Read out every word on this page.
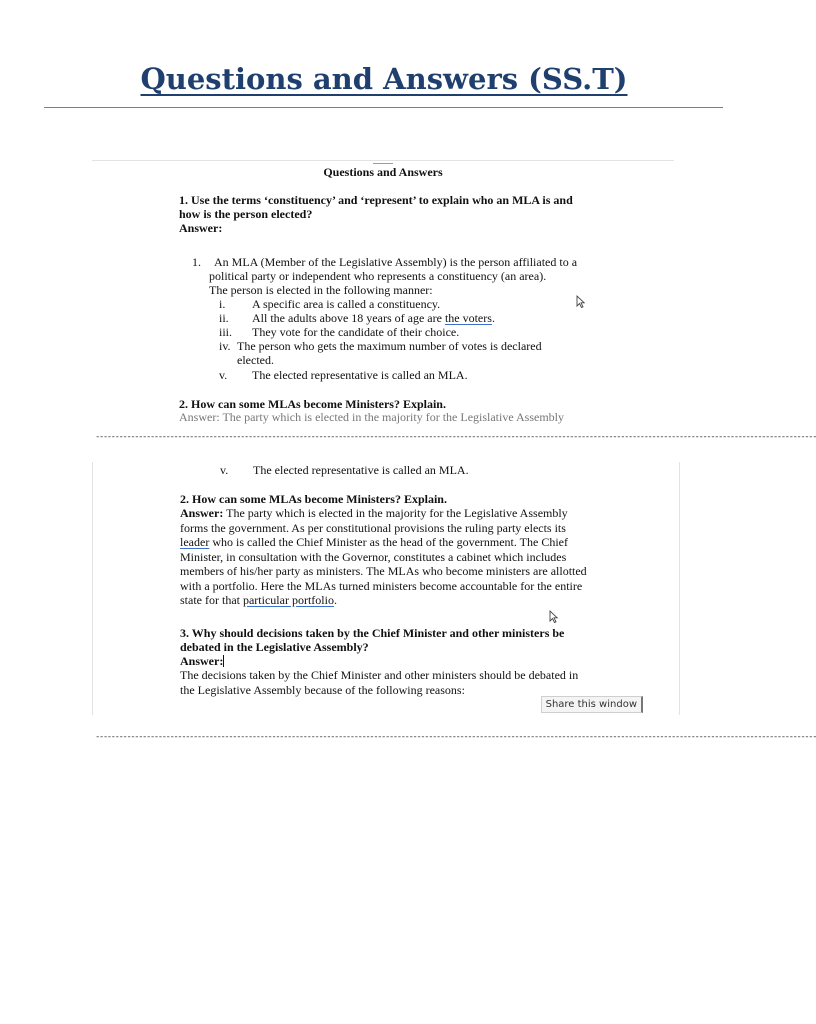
Questions and Answers (SS.T)
Questions and Answers
1. Use the terms ‘constituency’ and ‘represent’ to explain who an MLA is and
how is the person elected?
Answer:
1. An MLA (Member of the Legislative Assembly) is the person affiliated to a
political party or independent who represents a constituency (an area).
The person is elected in the following manner:
i. A specific area is called a constituency.
ii. All the adults above 18 years of age are the voters.
iii. They vote for the candidate of their choice.
iv. The person who gets the maximum number of votes is declared
elected.
v. The elected representative is called an MLA.
2. How can some MLAs become Ministers? Explain.
Answer: The party which is elected in the majority for the Legislative Assembly
----------------------------------------------------------------------------------------------------------------------------------------------------------------------------------------
v. The elected representative is called an MLA.
2. How can some MLAs become Ministers? Explain.
Answer: The party which is elected in the majority for the Legislative Assembly
forms the government. As per constitutional provisions the ruling party elects its
leader who is called the Chief Minister as the head of the government. The Chief
Minister, in consultation with the Governor, constitutes a cabinet which includes
members of his/her party as ministers. The MLAs who become ministers are allotted
with a portfolio. Here the MLAs turned ministers become accountable for the entire
state for that particular portfolio.
3. Why should decisions taken by the Chief Minister and other ministers be
debated in the Legislative Assembly?
Answer:
The decisions taken by the Chief Minister and other ministers should be debated in
the Legislative Assembly because of the following reasons:
Share this window
----------------------------------------------------------------------------------------------------------------------------------------------------------------------------------------
